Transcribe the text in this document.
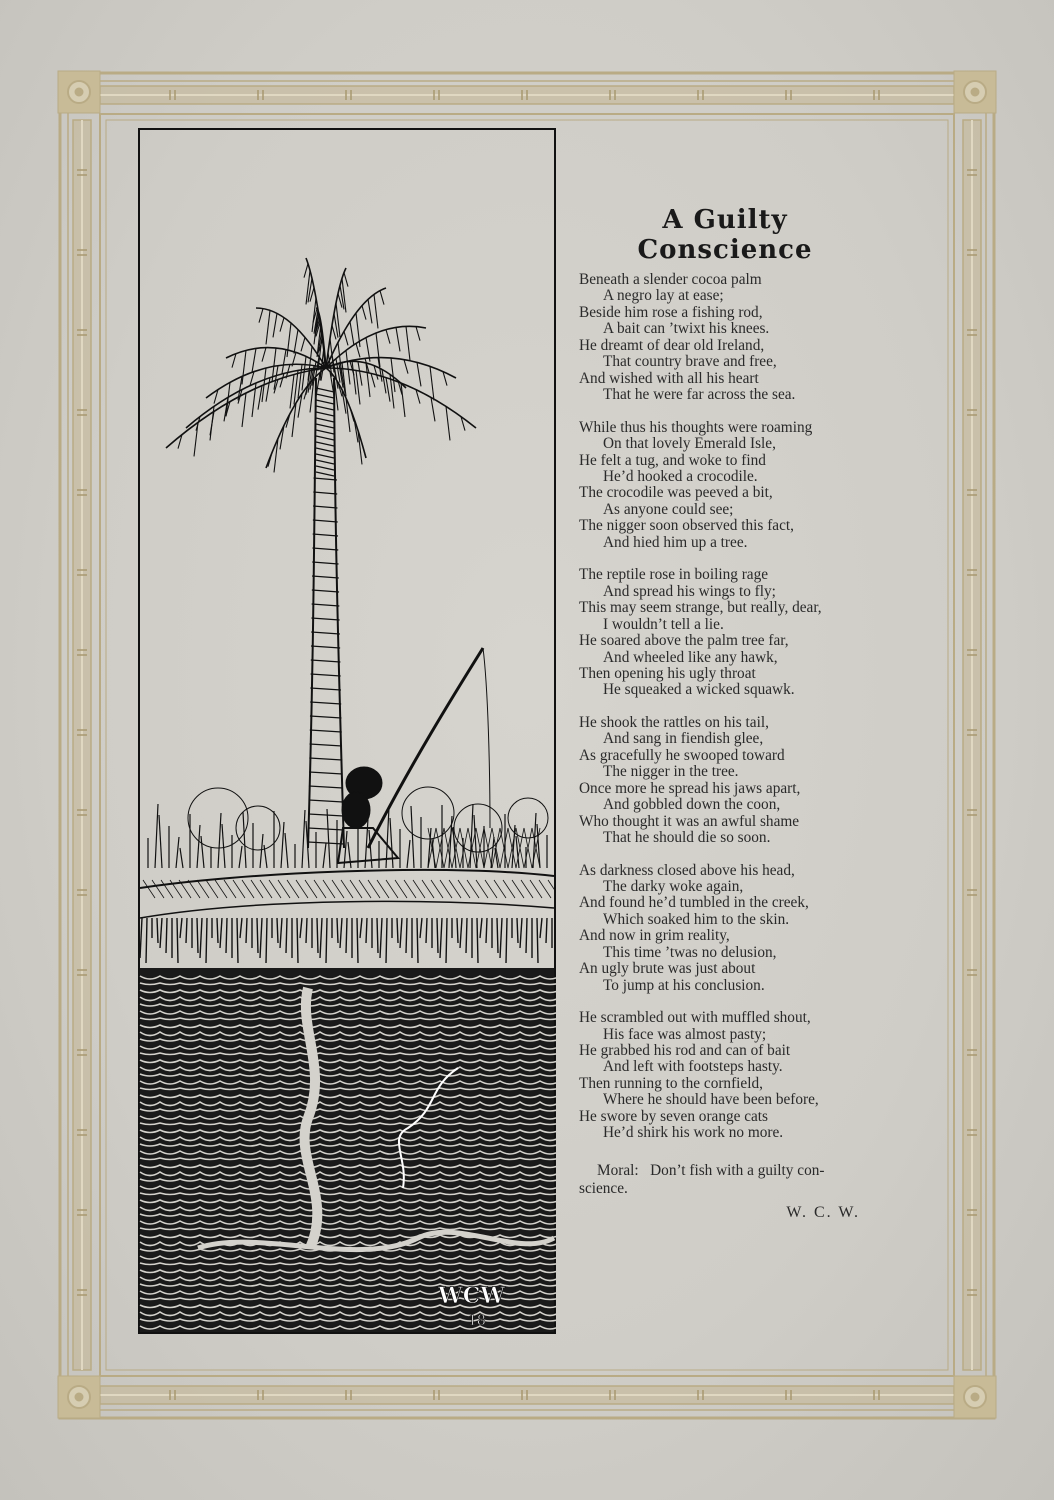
WCW
18
A Guilty Conscience
Beneath a slender cocoa palm
A negro lay at ease;
Beside him rose a fishing rod,
A bait can ’twixt his knees.
He dreamt of dear old Ireland,
That country brave and free,
And wished with all his heart
That he were far across the sea.
While thus his thoughts were roaming
On that lovely Emerald Isle,
He felt a tug, and woke to find
He’d hooked a crocodile.
The crocodile was peeved a bit,
As anyone could see;
The nigger soon observed this fact,
And hied him up a tree.
The reptile rose in boiling rage
And spread his wings to fly;
This may seem strange, but really, dear,
I wouldn’t tell a lie.
He soared above the palm tree far,
And wheeled like any hawk,
Then opening his ugly throat
He squeaked a wicked squawk.
He shook the rattles on his tail,
And sang in fiendish glee,
As gracefully he swooped toward
The nigger in the tree.
Once more he spread his jaws apart,
And gobbled down the coon,
Who thought it was an awful shame
That he should die so soon.
As darkness closed above his head,
The darky woke again,
And found he’d tumbled in the creek,
Which soaked him to the skin.
And now in grim reality,
This time ’twas no delusion,
An ugly brute was just about
To jump at his conclusion.
He scrambled out with muffled shout,
His face was almost pasty;
He grabbed his rod and can of bait
And left with footsteps hasty.
Then running to the cornfield,
Where he should have been before,
He swore by seven orange cats
He’d shirk his work no more.
Moral: Don’t fish with a guilty con-
science.
W. C. W.
